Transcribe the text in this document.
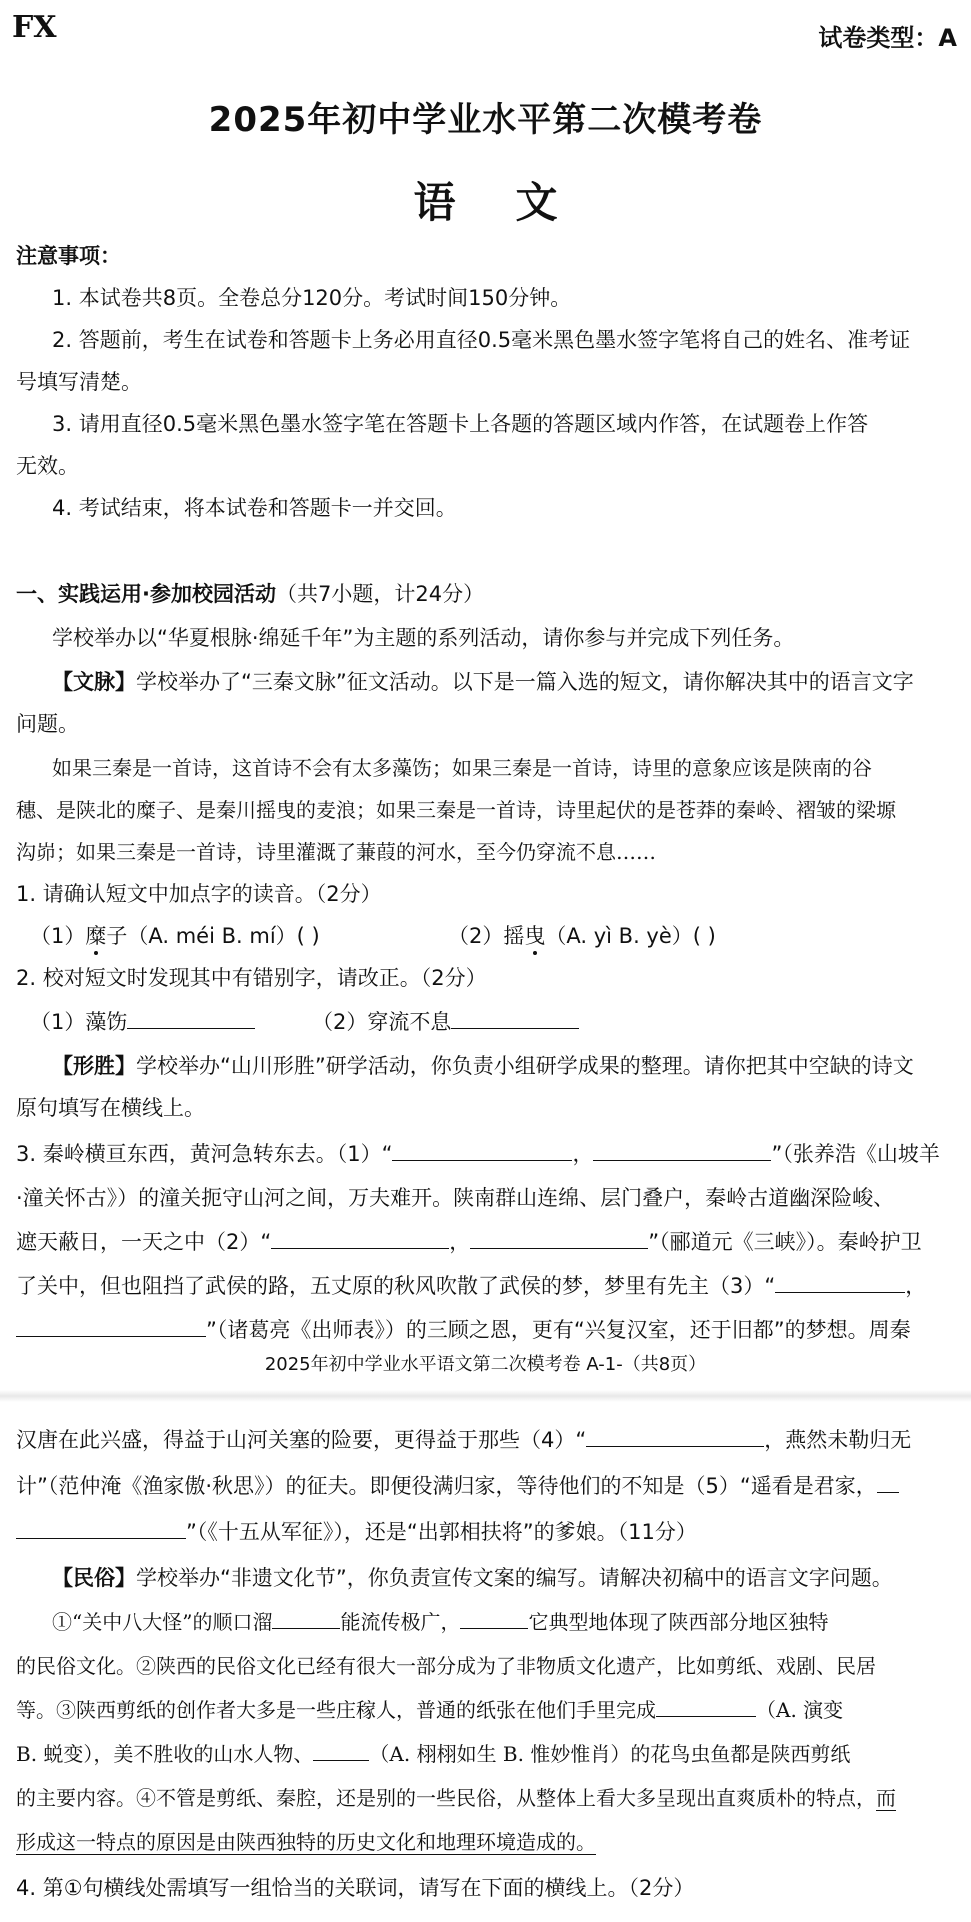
FX	试卷类型：A
2025年初中学业水平第二次模考卷
语文
注意事项：
1. 本试卷共8页。全卷总分120分。考试时间150分钟。
2. 答题前，考生在试卷和答题卡上务必用直径0.5毫米黑色墨水签字笔将自己的姓名、准考证
号填写清楚。
3. 请用直径0.5毫米黑色墨水签字笔在答题卡上各题的答题区域内作答，在试题卷上作答
无效。
4. 考试结束，将本试卷和答题卡一并交回。
一、实践运用·参加校园活动（共7小题，计24分）
学校举办以“华夏根脉·绵延千年”为主题的系列活动，请你参与并完成下列任务。
【文脉】学校举办了“三秦文脉”征文活动。以下是一篇入选的短文，请你解决其中的语言文字
问题。
如果三秦是一首诗，这首诗不会有太多藻饬；如果三秦是一首诗，诗里的意象应该是陕南的谷
穗、是陕北的糜子、是秦川摇曳的麦浪；如果三秦是一首诗，诗里起伏的是苍莽的秦岭、褶皱的梁塬
沟峁；如果三秦是一首诗，诗里灌溉了蒹葭的河水，至今仍穿流不息……
1. 请确认短文中加点字的读音。（2分）
（1）糜子（A. méi B. mí）( )	（2）摇曳（A. yì B. yè）( )
2. 校对短文时发现其中有错别字，请改正。（2分）
（1）藻饬	（2）穿流不息
【形胜】学校举办“山川形胜”研学活动，你负责小组研学成果的整理。请你把其中空缺的诗文
原句填写在横线上。
3. 秦岭横亘东西，黄河急转东去。（1）“	，	”（张养浩《山坡羊
·潼关怀古》）的潼关扼守山河之间，万夫难开。陕南群山连绵、层门叠户，秦岭古道幽深险峻、
遮天蔽日，一天之中（2）“	，	”（郦道元《三峡》）。秦岭护卫
了关中，但也阻挡了武侯的路，五丈原的秋风吹散了武侯的梦，梦里有先主（3）“	，
”（诸葛亮《出师表》）的三顾之恩，更有“兴复汉室，还于旧都”的梦想。周秦
2025年初中学业水平语文第二次模考卷 A-1-（共8页）
汉唐在此兴盛，得益于山河关塞的险要，更得益于那些（4）“	，燕然未勒归无
计”（范仲淹《渔家傲·秋思》）的征夫。即便役满归家，等待他们的不知是（5）“遥看是君家，
”（《十五从军征》），还是“出郭相扶将”的爹娘。（11分）
【民俗】学校举办“非遗文化节”，你负责宣传文案的编写。请解决初稿中的语言文字问题。
①“关中八大怪”的顺口溜	能流传极广，	它典型地体现了陕西部分地区独特
的民俗文化。②陕西的民俗文化已经有很大一部分成为了非物质文化遗产，比如剪纸、戏剧、民居
等。③陕西剪纸的创作者大多是一些庄稼人，普通的纸张在他们手里完成	（A. 演变
B. 蜕变），美不胜收的山水人物、	（A. 栩栩如生 B. 惟妙惟肖）的花鸟虫鱼都是陕西剪纸
的主要内容。④不管是剪纸、秦腔，还是别的一些民俗，从整体上看大多呈现出直爽质朴的特点，而
形成这一特点的原因是由陕西独特的历史文化和地理环境造成的。
4. 第①句横线处需填写一组恰当的关联词，请写在下面的横线上。（2分）
